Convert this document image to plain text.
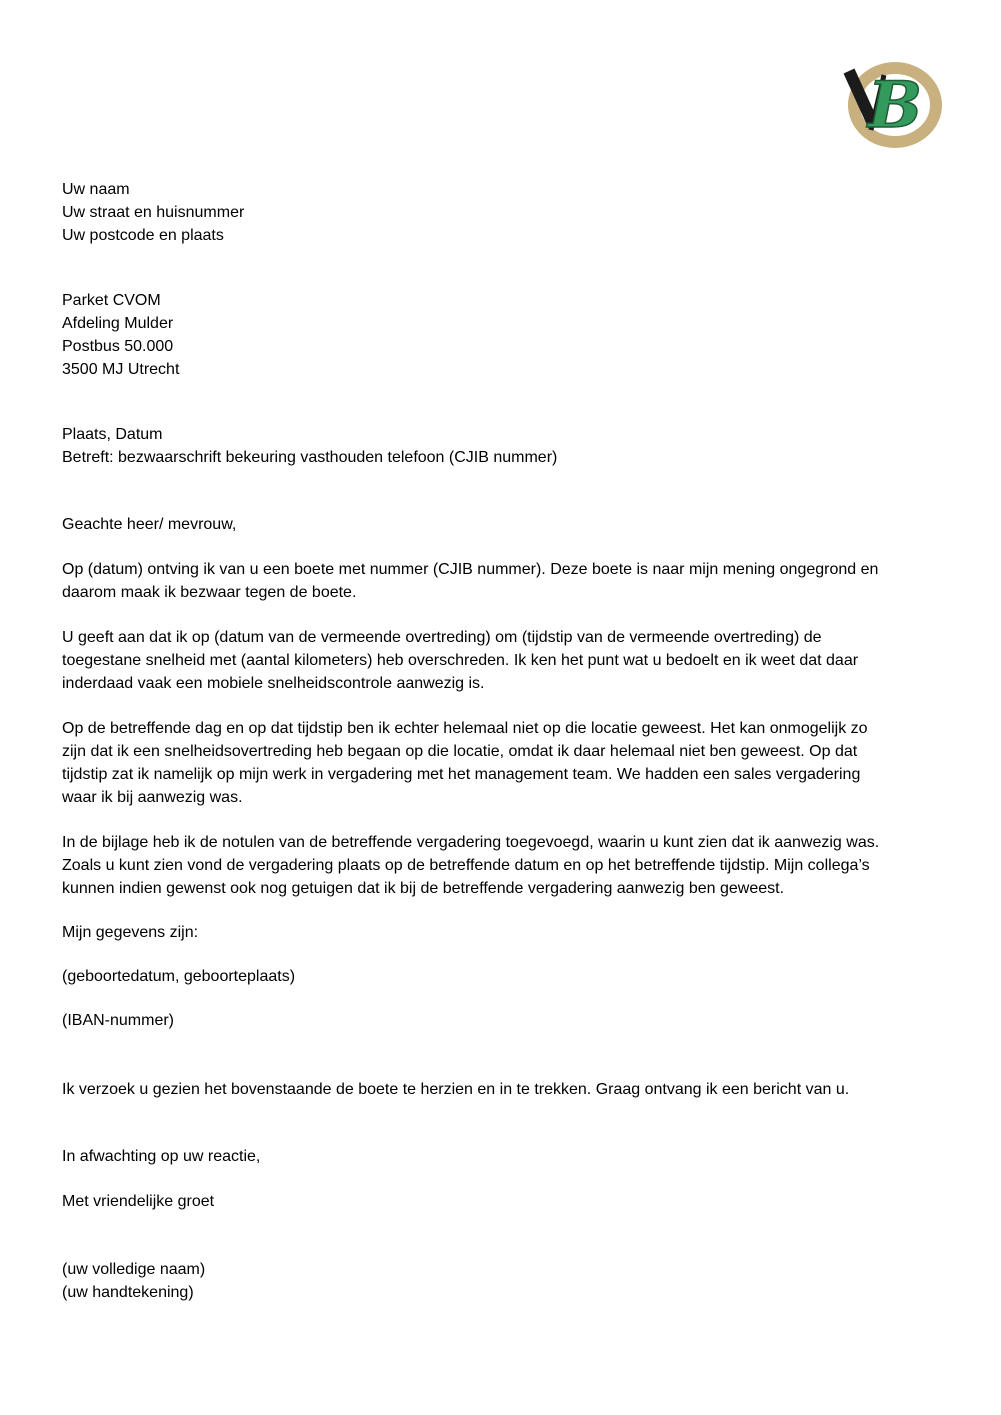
B
Uw naam
Uw straat en huisnummer
Uw postcode en plaats
Parket CVOM
Afdeling Mulder
Postbus 50.000
3500 MJ Utrecht
Plaats, Datum
Betreft: bezwaarschrift bekeuring vasthouden telefoon (CJIB nummer)
Geachte heer/ mevrouw,
Op (datum) ontving ik van u een boete met nummer (CJIB nummer). Deze boete is naar mijn mening ongegrond en
daarom maak ik bezwaar tegen de boete.
U geeft aan dat ik op (datum van de vermeende overtreding) om (tijdstip van de vermeende overtreding) de
toegestane snelheid met (aantal kilometers) heb overschreden. Ik ken het punt wat u bedoelt en ik weet dat daar
inderdaad vaak een mobiele snelheidscontrole aanwezig is.
Op de betreffende dag en op dat tijdstip ben ik echter helemaal niet op die locatie geweest. Het kan onmogelijk zo
zijn dat ik een snelheidsovertreding heb begaan op die locatie, omdat ik daar helemaal niet ben geweest. Op dat
tijdstip zat ik namelijk op mijn werk in vergadering met het management team. We hadden een sales vergadering
waar ik bij aanwezig was.
In de bijlage heb ik de notulen van de betreffende vergadering toegevoegd, waarin u kunt zien dat ik aanwezig was.
Zoals u kunt zien vond de vergadering plaats op de betreffende datum en op het betreffende tijdstip. Mijn collega’s
kunnen indien gewenst ook nog getuigen dat ik bij de betreffende vergadering aanwezig ben geweest.
Mijn gegevens zijn:
(geboortedatum, geboorteplaats)
(IBAN-nummer)
Ik verzoek u gezien het bovenstaande de boete te herzien en in te trekken. Graag ontvang ik een bericht van u.
In afwachting op uw reactie,
Met vriendelijke groet
(uw volledige naam)
(uw handtekening)
